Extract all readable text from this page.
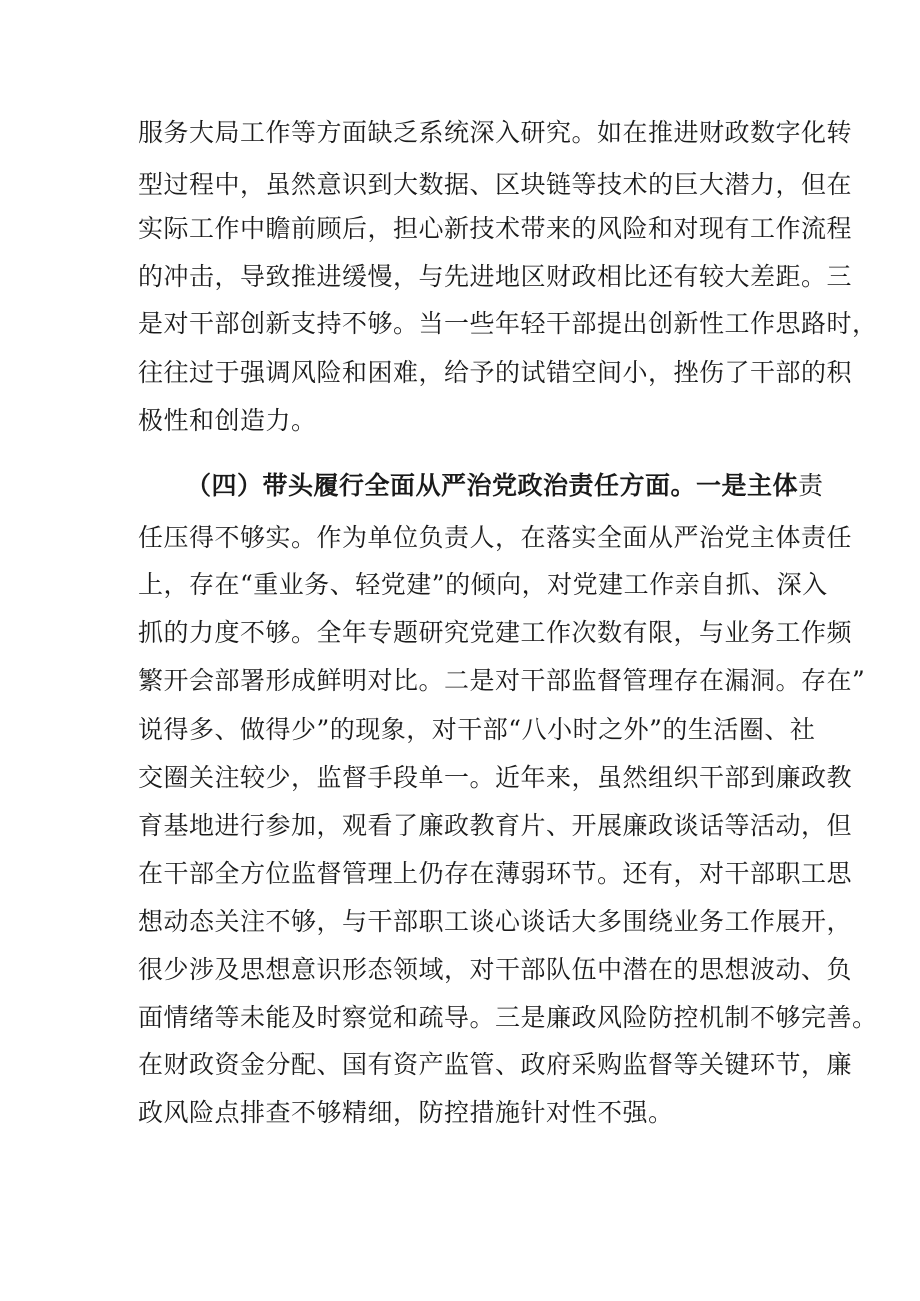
服务大局工作等方面缺乏系统深入研究。如在推进财政数字化转
型过程中，虽然意识到大数据、区块链等技术的巨大潜力，但在
实际工作中瞻前顾后，担心新技术带来的风险和对现有工作流程
的冲击，导致推进缓慢，与先进地区财政相比还有较大差距。三
是对干部创新支持不够。当一些年轻干部提出创新性工作思路时，
往往过于强调风险和困难，给予的试错空间小，挫伤了干部的积
极性和创造力。
（四）带头履行全面从严治党政治责任方面。一是主体责
任压得不够实。作为单位负责人，在落实全面从严治党主体责任
上，存在“重业务、轻党建”的倾向，对党建工作亲自抓、深入
抓的力度不够。全年专题研究党建工作次数有限，与业务工作频
繁开会部署形成鲜明对比。二是对干部监督管理存在漏洞。存在”
说得多、做得少”的现象，对干部“八小时之外”的生活圈、社
交圈关注较少，监督手段单一。近年来，虽然组织干部到廉政教
育基地进行参加，观看了廉政教育片、开展廉政谈话等活动，但
在干部全方位监督管理上仍存在薄弱环节。还有，对干部职工思
想动态关注不够，与干部职工谈心谈话大多围绕业务工作展开，
很少涉及思想意识形态领域，对干部队伍中潜在的思想波动、负
面情绪等未能及时察觉和疏导。三是廉政风险防控机制不够完善。
在财政资金分配、国有资产监管、政府采购监督等关键环节，廉
政风险点排查不够精细，防控措施针对性不强。
